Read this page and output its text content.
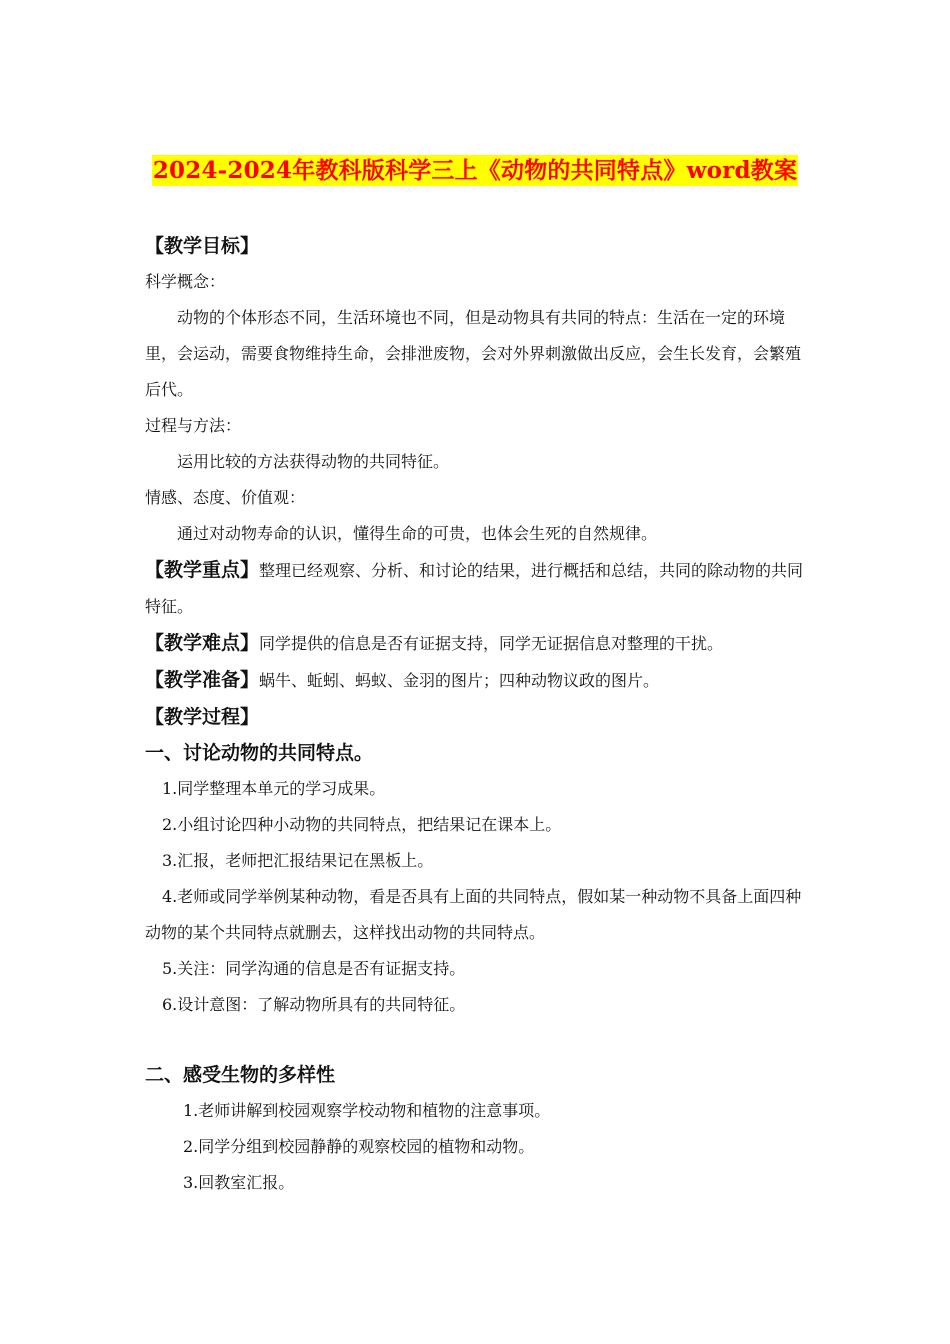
2024-2024年教科版科学三上《动物的共同特点》word教案

【教学目标】

科学概念：

动物的个体形态不同，生活环境也不同，但是动物具有共同的特点：生活在一定的环境里，会运动，需要食物维持生命，会排泄废物，会对外界刺激做出反应，会生长发育，会繁殖后代。

过程与方法：

运用比较的方法获得动物的共同特征。

情感、态度、价值观：

通过对动物寿命的认识，懂得生命的可贵，也体会生死的自然规律。

【教学重点】整理已经观察、分析、和讨论的结果，进行概括和总结，共同的除动物的共同特征。

【教学难点】同学提供的信息是否有证据支持，同学无证据信息对整理的干扰。

【教学准备】蜗牛、蚯蚓、蚂蚁、金羽的图片；四种动物议政的图片。

【教学过程】

一、讨论动物的共同特点。

1.同学整理本单元的学习成果。

2.小组讨论四种小动物的共同特点，把结果记在课本上。

3.汇报，老师把汇报结果记在黑板上。

4.老师或同学举例某种动物，看是否具有上面的共同特点，假如某一种动物不具备上面四种动物的某个共同特点就删去，这样找出动物的共同特点。

5.关注：同学沟通的信息是否有证据支持。

6.设计意图：了解动物所具有的共同特征。

二、感受生物的多样性

1.老师讲解到校园观察学校动物和植物的注意事项。

2.同学分组到校园静静的观察校园的植物和动物。

3.回教室汇报。
